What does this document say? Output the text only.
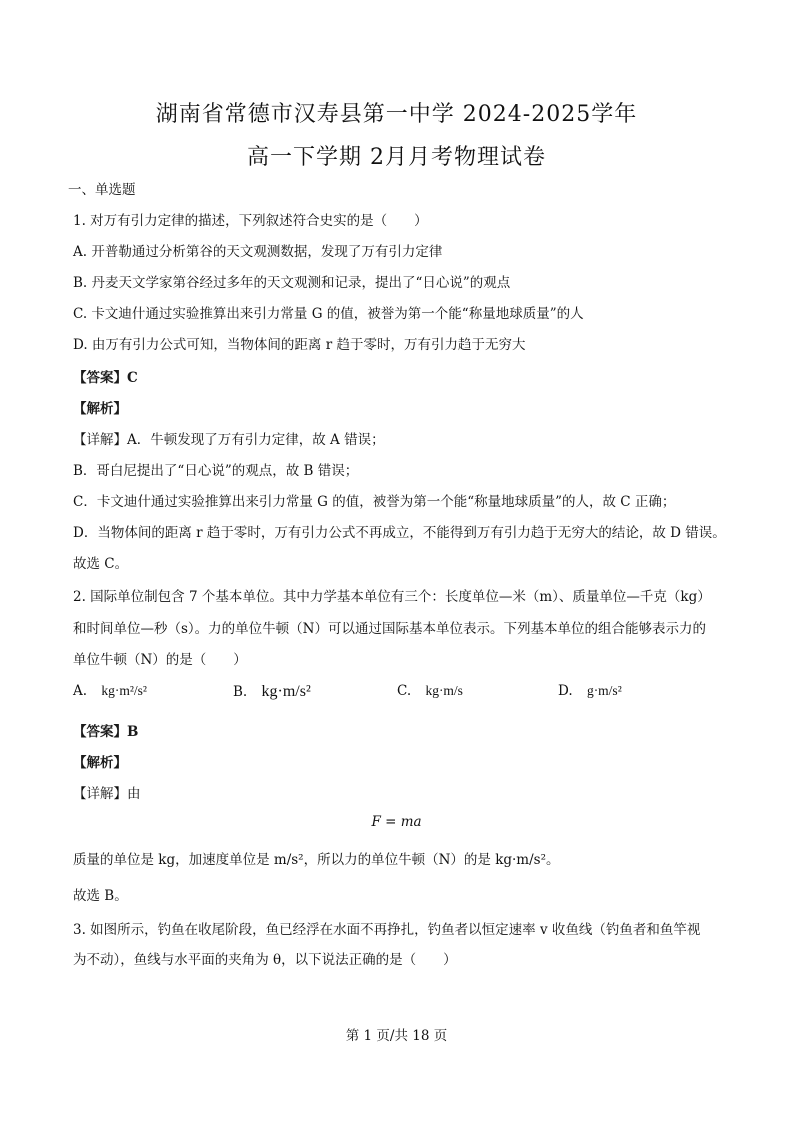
湖南省常德市汉寿县第一中学 2024-2025学年
高一下学期 2月月考物理试卷
一、单选题
1. 对万有引力定律的描述，下列叙述符合史实的是（　　）
A. 开普勒通过分析第谷的天文观测数据，发现了万有引力定律
B. 丹麦天文学家第谷经过多年的天文观测和记录，提出了“日心说”的观点
C. 卡文迪什通过实验推算出来引力常量 G 的值，被誉为第一个能“称量地球质量”的人
D. 由万有引力公式可知，当物体间的距离 r 趋于零时，万有引力趋于无穷大
【答案】C
【解析】
【详解】A．牛顿发现了万有引力定律，故 A 错误；
B．哥白尼提出了“日心说”的观点，故 B 错误；
C．卡文迪什通过实验推算出来引力常量 G 的值，被誉为第一个能“称量地球质量”的人，故 C 正确；
D．当物体间的距离 r 趋于零时，万有引力公式不再成立，不能得到万有引力趋于无穷大的结论，故 D 错误。
故选 C。
2. 国际单位制包含 7 个基本单位。其中力学基本单位有三个：长度单位—米（m）、质量单位—千克（kg）
和时间单位—秒（s）。力的单位牛顿（N）可以通过国际基本单位表示。下列基本单位的组合能够表示力的
单位牛顿（N）的是（　　）
A. kg·m²/s²	B. kg·m/s²	C. kg·m/s	D. g·m/s²
【答案】B
【解析】
【详解】由
F = ma
质量的单位是 kg，加速度单位是 m/s²，所以力的单位牛顿（N）的是 kg·m/s²。
故选 B。
3. 如图所示，钓鱼在收尾阶段，鱼已经浮在水面不再挣扎，钓鱼者以恒定速率 v 收鱼线（钓鱼者和鱼竿视
为不动），鱼线与水平面的夹角为 θ，以下说法正确的是（　　）
第 1 页/共 18 页
